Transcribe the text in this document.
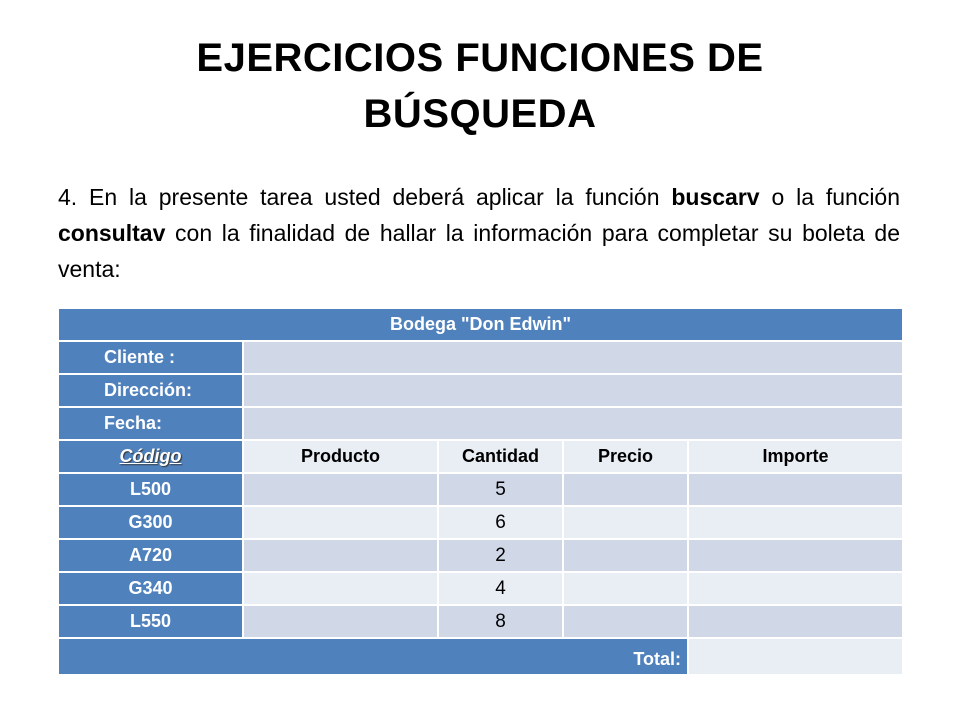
EJERCICIOS FUNCIONES DE
BÚSQUEDA

4. En la presente tarea usted deberá aplicar la función buscarv o la función consultav con la finalidad de hallar la información para completar su boleta de venta:

Bodega "Don Edwin"				
Cliente :				
Dirección:				
Fecha:				
Código	Producto	Cantidad	Precio	Importe
L500		5		
G300		6		
A720		2		
G340		4		
L550		8		
Total:				
